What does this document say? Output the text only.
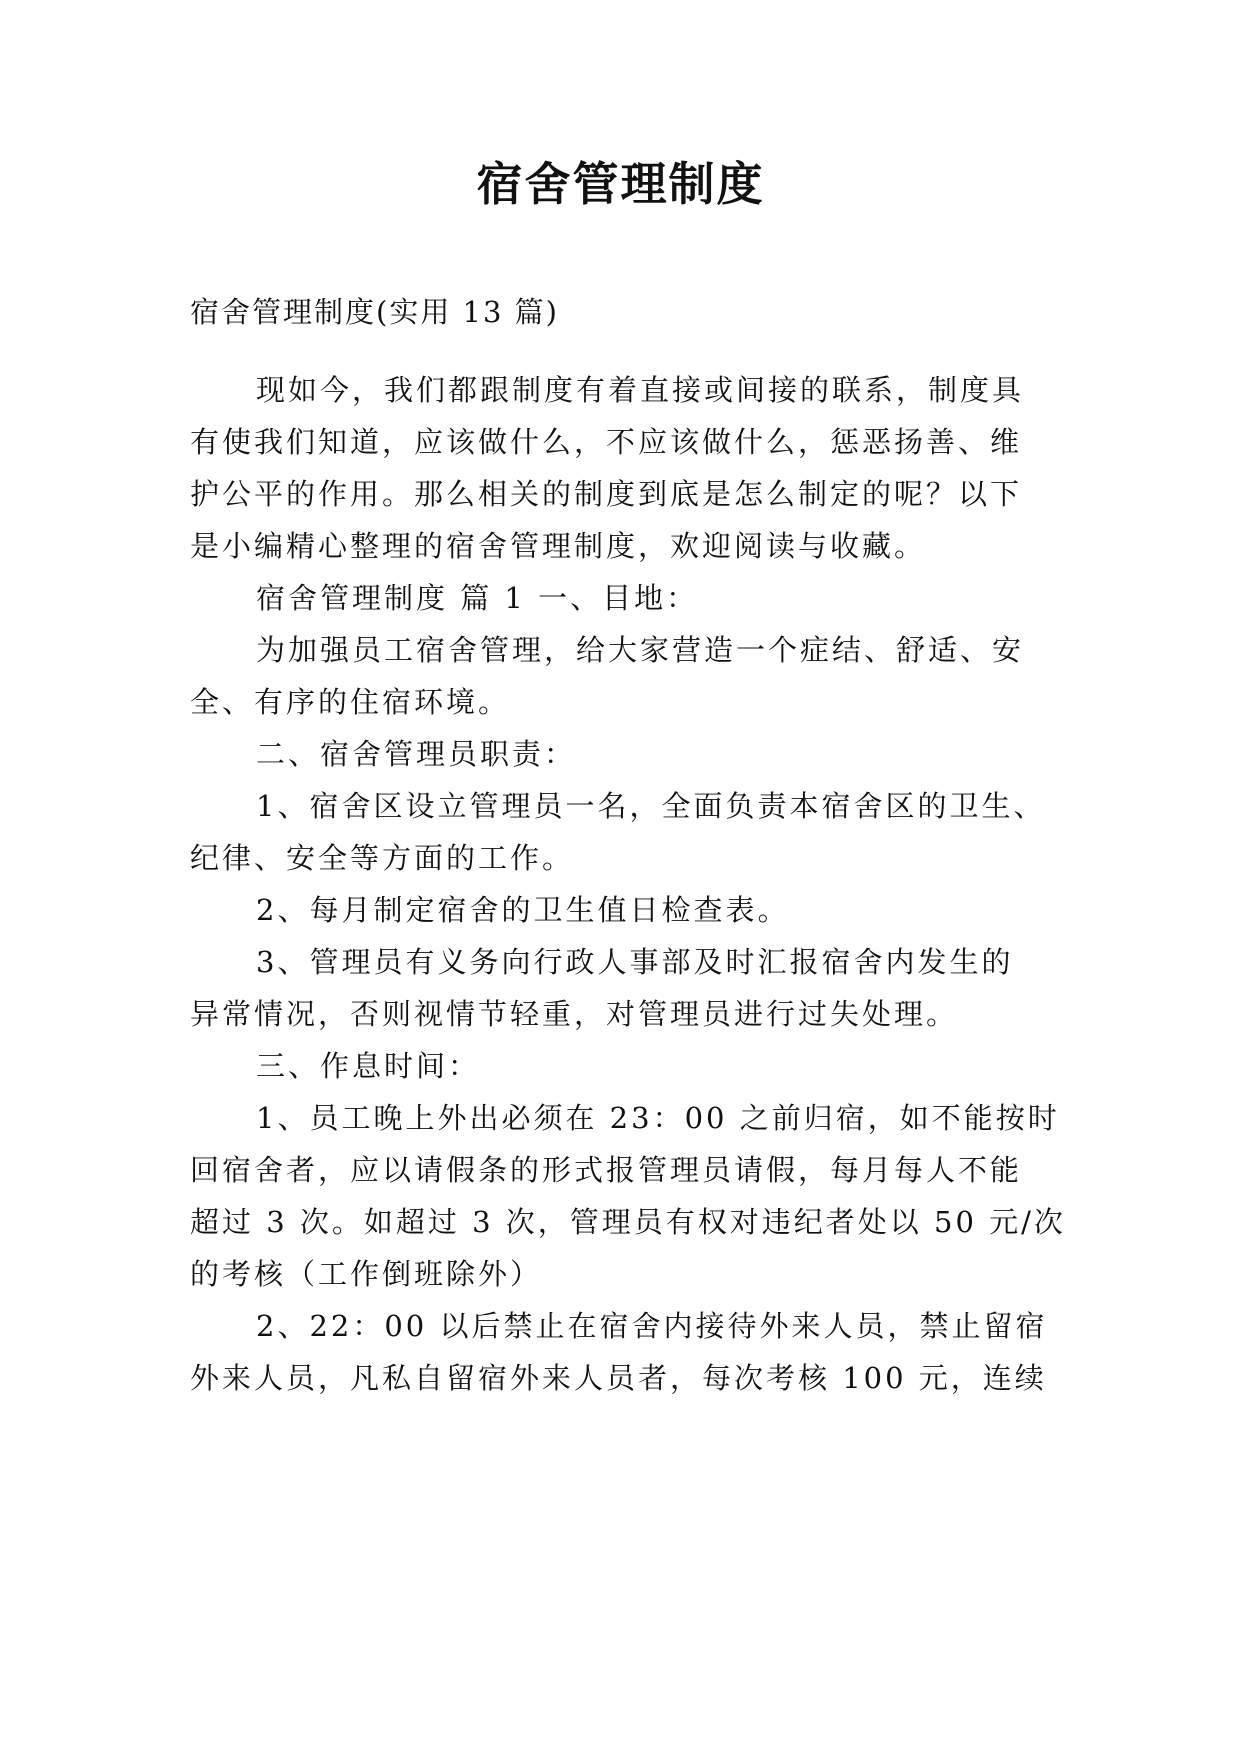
宿舍管理制度
宿舍管理制度(实用 13 篇)
现如今，我们都跟制度有着直接或间接的联系，制度具
有使我们知道，应该做什么，不应该做什么，惩恶扬善、维
护公平的作用。那么相关的制度到底是怎么制定的呢？以下
是小编精心整理的宿舍管理制度，欢迎阅读与收藏。
宿舍管理制度 篇 1 一、目地：
为加强员工宿舍管理，给大家营造一个症结、舒适、安
全、有序的住宿环境。
二、宿舍管理员职责：
1、宿舍区设立管理员一名，全面负责本宿舍区的卫生、
纪律、安全等方面的工作。
2、每月制定宿舍的卫生值日检查表。
3、管理员有义务向行政人事部及时汇报宿舍内发生的
异常情况，否则视情节轻重，对管理员进行过失处理。
三、作息时间：
1、员工晚上外出必须在 23：00 之前归宿，如不能按时
回宿舍者，应以请假条的形式报管理员请假，每月每人不能
超过 3 次。如超过 3 次，管理员有权对违纪者处以 50 元/次
的考核（工作倒班除外）
2、22：00 以后禁止在宿舍内接待外来人员，禁止留宿
外来人员，凡私自留宿外来人员者，每次考核 100 元，连续
